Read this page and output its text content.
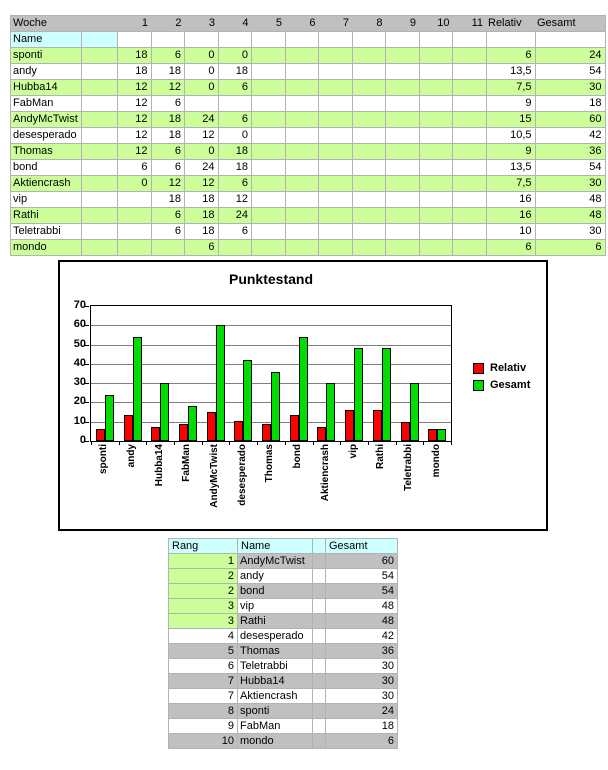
Woche		1	2	3	4	5	6	7	8	9	10	11	Relativ	Gesamt
Name														
sponti		18	6	0	0								6	24
andy		18	18	0	18								13,5	54
Hubba14		12	12	0	6								7,5	30
FabMan		12	6										9	18
AndyMcTwist		12	18	24	6								15	60
desesperado		12	18	12	0								10,5	42
Thomas		12	6	0	18								9	36
bond		6	6	24	18								13,5	54
Aktiencrash		0	12	12	6								7,5	30
vip			18	18	12								16	48
Rathi			6	18	24								16	48
Teletrabbi			6	18	6								10	30
mondo				6									6	6
Punktestand
0
10
20
30
40
50
60
70
sponti andy Hubba14 FabMan AndyMcTwist desesperado Thomas bond Aktiencrash vip Rathi Teletrabbi mondo
Relativ
Gesamt
Rang	Name		Gesamt
1	AndyMcTwist		60
2	andy		54
2	bond		54
3	vip		48
3	Rathi		48
4	desesperado		42
5	Thomas		36
6	Teletrabbi		30
7	Hubba14		30
7	Aktiencrash		30
8	sponti		24
9	FabMan		18
10	mondo		6
